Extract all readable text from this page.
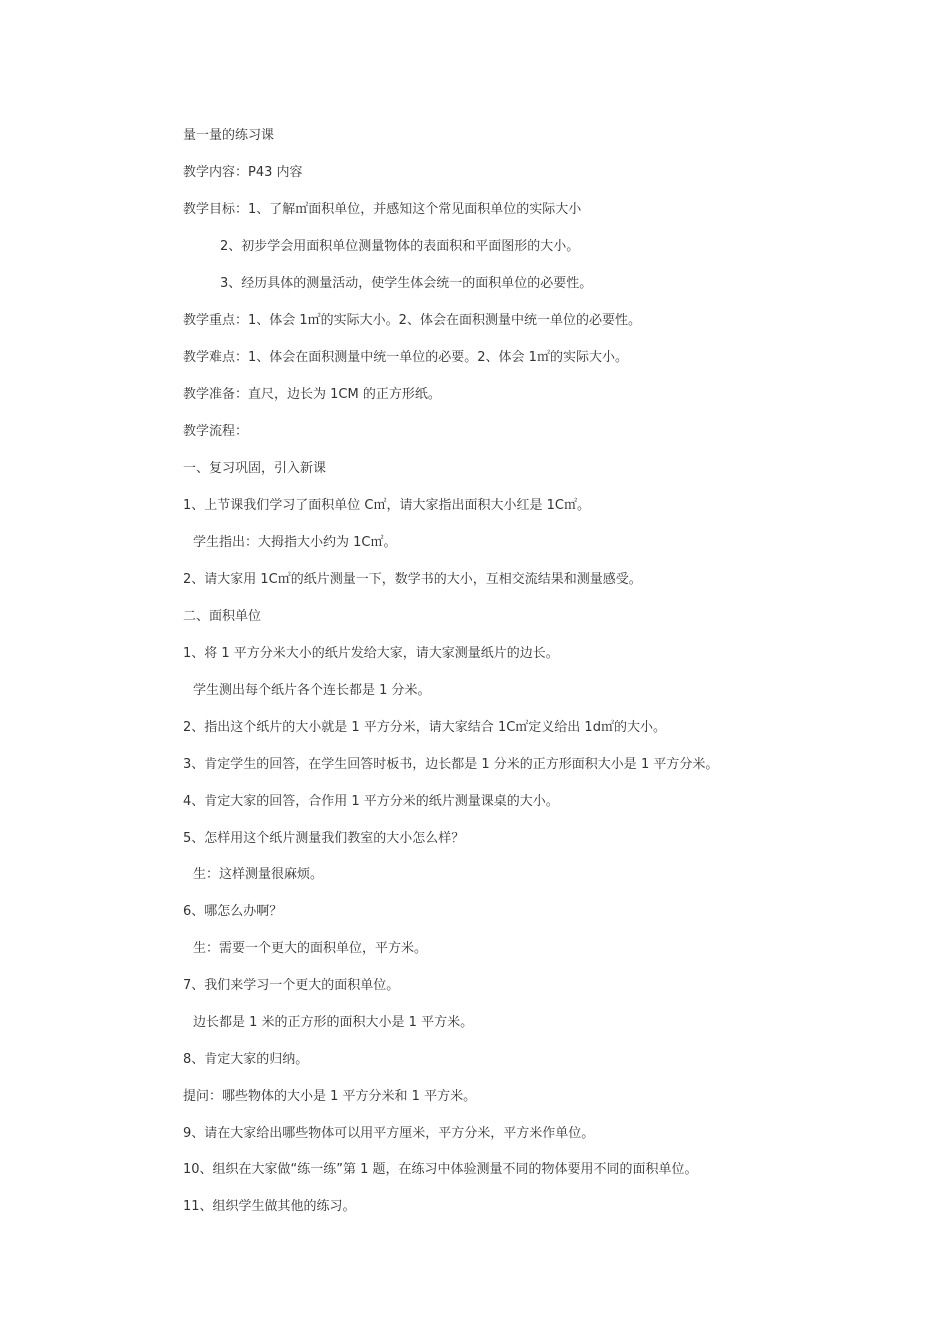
量一量的练习课
教学内容：P43 内容
教学目标：1、了解㎡面积单位，并感知这个常见面积单位的实际大小
2、初步学会用面积单位测量物体的表面积和平面图形的大小。
3、经历具体的测量活动，使学生体会统一的面积单位的必要性。
教学重点：1、体会 1㎡的实际大小。2、体会在面积测量中统一单位的必要性。
教学难点：1、体会在面积测量中统一单位的必要。2、体会 1㎡的实际大小。
教学准备：直尺，边长为 1CM 的正方形纸。
教学流程：
一、复习巩固，引入新课
1、上节课我们学习了面积单位 C㎡，请大家指出面积大小红是 1C㎡。
学生指出：大拇指大小约为 1C㎡。
2、请大家用 1C㎡的纸片测量一下，数学书的大小，互相交流结果和测量感受。
二、面积单位
1、将 1 平方分米大小的纸片发给大家，请大家测量纸片的边长。
学生测出每个纸片各个连长都是 1 分米。
2、指出这个纸片的大小就是 1 平方分米，请大家结合 1C㎡定义给出 1d㎡的大小。
3、肯定学生的回答，在学生回答时板书，边长都是 1 分米的正方形面积大小是 1 平方分米。
4、肯定大家的回答，合作用 1 平方分米的纸片测量课桌的大小。
5、怎样用这个纸片测量我们教室的大小怎么样？
生：这样测量很麻烦。
6、哪怎么办啊？
生：需要一个更大的面积单位，平方米。
7、我们来学习一个更大的面积单位。
边长都是 1 米的正方形的面积大小是 1 平方米。
8、肯定大家的归纳。
提问：哪些物体的大小是 1 平方分米和 1 平方米。
9、请在大家给出哪些物体可以用平方厘米，平方分米，平方米作单位。
10、组织在大家做“练一练”第 1 题，在练习中体验测量不同的物体要用不同的面积单位。
11、组织学生做其他的练习。
